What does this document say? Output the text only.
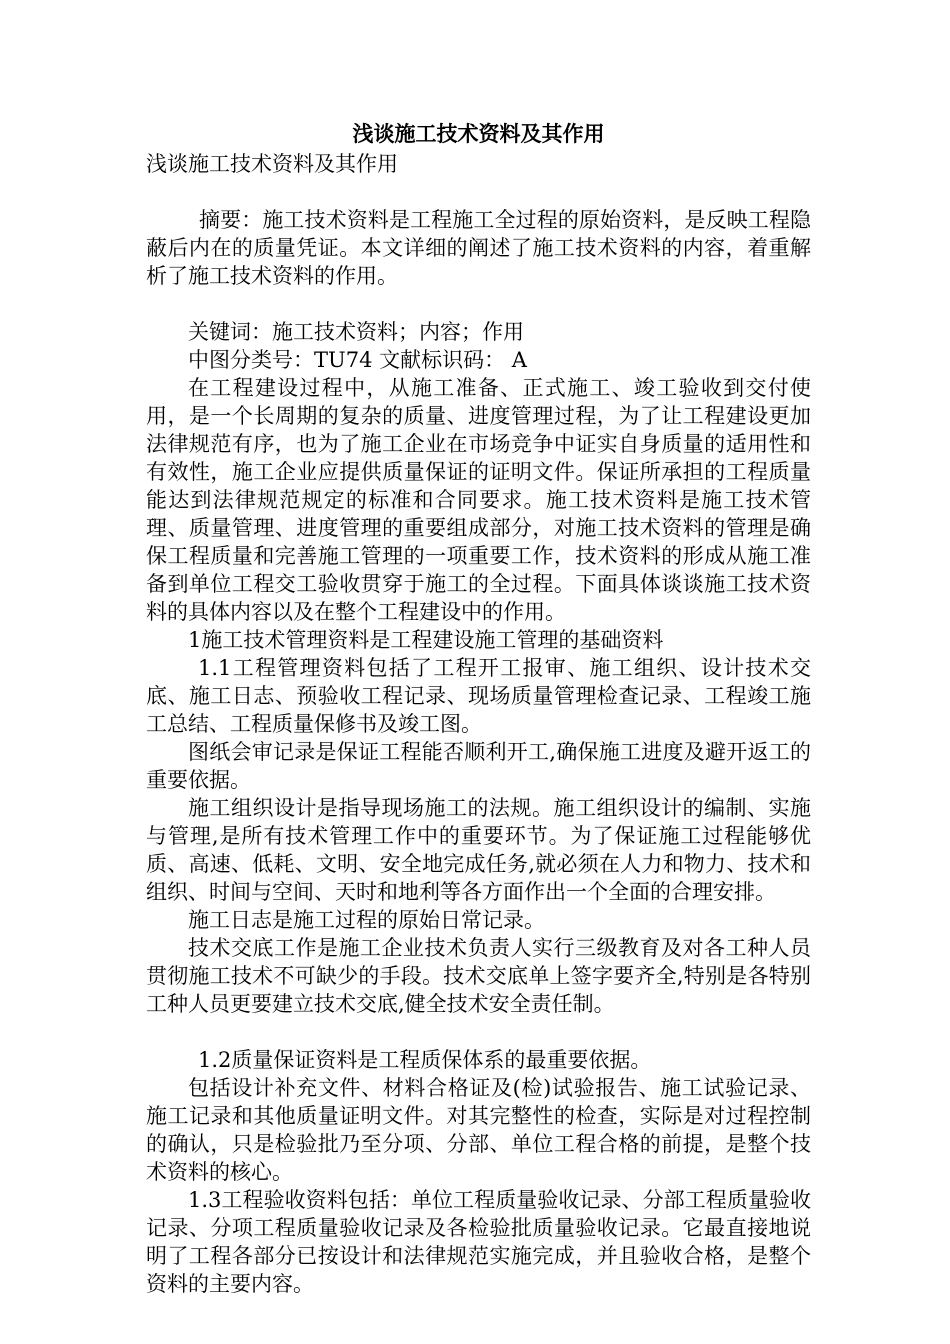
浅谈施工技术资料及其作用

浅谈施工技术资料及其作用

摘要：施工技术资料是工程施工全过程的原始资料，是反映工程隐蔽后内在的质量凭证。本文详细的阐述了施工技术资料的内容，着重解析了施工技术资料的作用。

关键词：施工技术资料；内容；作用

中图分类号：TU74 文献标识码： A

在工程建设过程中，从施工准备、正式施工、竣工验收到交付使用，是一个长周期的复杂的质量、进度管理过程，为了让工程建设更加法律规范有序，也为了施工企业在市场竞争中证实自身质量的适用性和有效性，施工企业应提供质量保证的证明文件。保证所承担的工程质量能达到法律规范规定的标准和合同要求。施工技术资料是施工技术管理、质量管理、进度管理的重要组成部分，对施工技术资料的管理是确保工程质量和完善施工管理的一项重要工作，技术资料的形成从施工准备到单位工程交工验收贯穿于施工的全过程。下面具体谈谈施工技术资料的具体内容以及在整个工程建设中的作用。

1施工技术管理资料是工程建设施工管理的基础资料

1.1工程管理资料包括了工程开工报审、施工组织、设计技术交底、施工日志、预验收工程记录、现场质量管理检查记录、工程竣工施工总结、工程质量保修书及竣工图。

图纸会审记录是保证工程能否顺利开工,确保施工进度及避开返工的重要依据。

施工组织设计是指导现场施工的法规。施工组织设计的编制、实施与管理,是所有技术管理工作中的重要环节。为了保证施工过程能够优质、高速、低耗、文明、安全地完成任务,就必须在人力和物力、技术和组织、时间与空间、天时和地利等各方面作出一个全面的合理安排。

施工日志是施工过程的原始日常记录。

技术交底工作是施工企业技术负责人实行三级教育及对各工种人员贯彻施工技术不可缺少的手段。技术交底单上签字要齐全,特别是各特别工种人员更要建立技术交底,健全技术安全责任制。

1.2质量保证资料是工程质保体系的最重要依据。

包括设计补充文件、材料合格证及(检)试验报告、施工试验记录、施工记录和其他质量证明文件。对其完整性的检查，实际是对过程控制的确认，只是检验批乃至分项、分部、单位工程合格的前提，是整个技术资料的核心。

1.3工程验收资料包括：单位工程质量验收记录、分部工程质量验收记录、分项工程质量验收记录及各检验批质量验收记录。它最直接地说明了工程各部分已按设计和法律规范实施完成，并且验收合格，是整个资料的主要内容。
